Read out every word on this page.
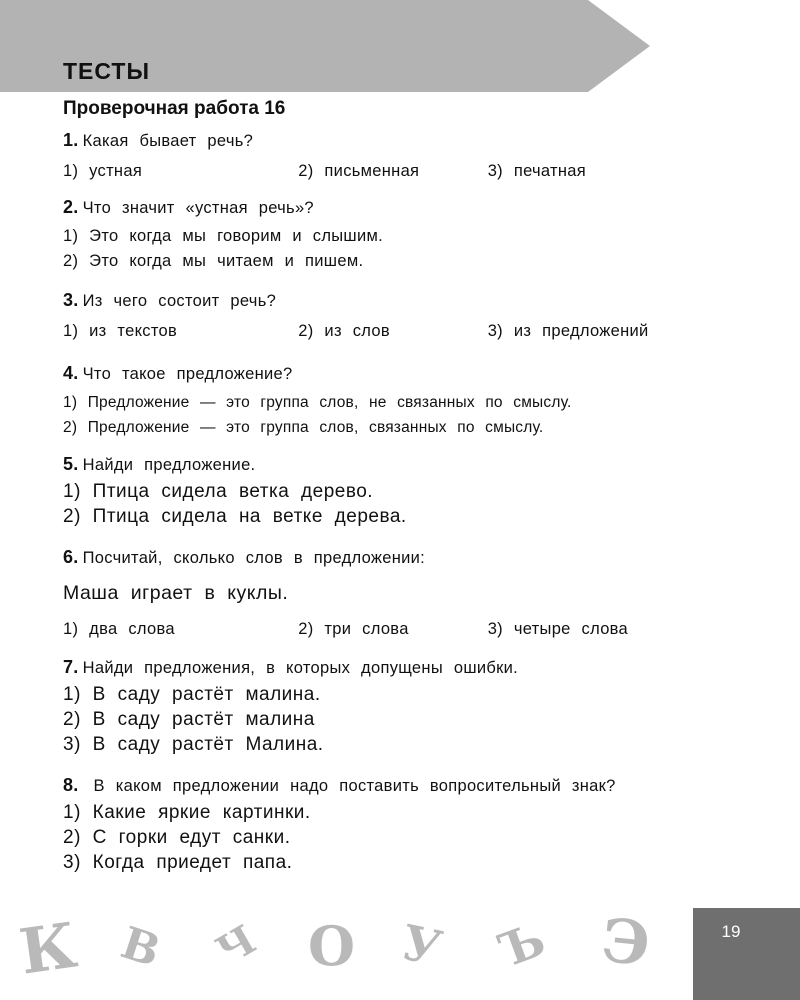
ТЕСТЫ
Проверочная работа 16
1. Какая бывает речь?
1) устная	2) письменная	3) печатная
2. Что значит «устная речь»?
1) Это когда мы говорим и слышим.
2) Это когда мы читаем и пишем.
3. Из чего состоит речь?
1) из текстов	2) из слов	3) из предложений
4. Что такое предложение?
1) Предложение — это группа слов, не связанных по смыслу.
2) Предложение — это группа слов, связанных по смыслу.
5. Найди предложение.
1) Птица сидела ветка дерево.
2) Птица сидела на ветке дерева.
6. Посчитай, сколько слов в предложении:
Маша играет в куклы.
1) два слова	2) три слова	3) четыре слова
7. Найди предложения, в которых допущены ошибки.
1) В саду растёт малина.
2) В саду растёт малина
3) В саду растёт Малина.
8. В каком предложении надо поставить вопросительный знак?
1) Какие яркие картинки.
2) С горки едут санки.
3) Когда приедет папа.
К В Ч О У Ъ Э	19
